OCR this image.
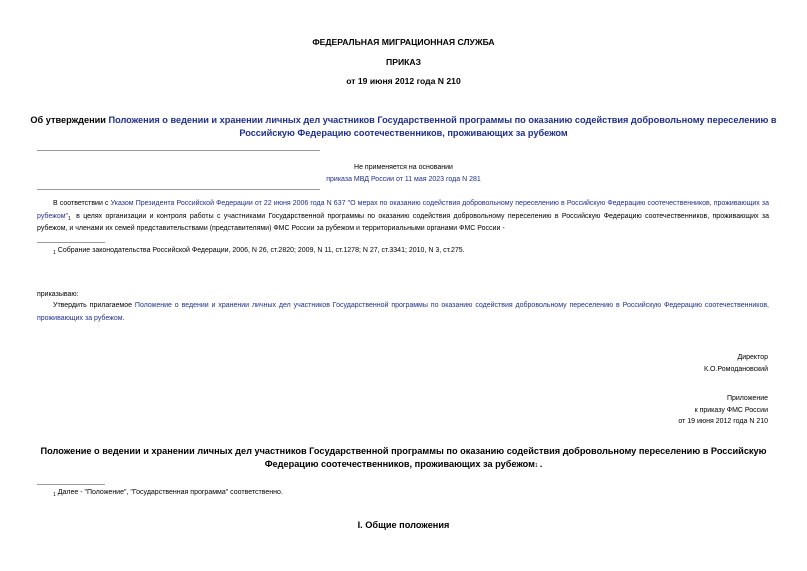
ФЕДЕРАЛЬНАЯ МИГРАЦИОННАЯ СЛУЖБА
ПРИКАЗ
от 19 июня 2012 года N 210
Об утверждении Положения о ведении и хранении личных дел участников Государственной программы по оказанию содействия добровольному переселению в Российскую Федерацию соотечественников, проживающих за рубежом
Не применяется на основании
приказа МВД России от 11 мая 2023 года N 281
В соответствии с Указом Президента Российской Федерации от 22 июня 2006 года N 637 "О мерах по оказанию содействия добровольному переселению в Российскую Федерацию соотечественников, проживающих за рубежом"$^1$ в целях организации и контроля работы с участниками Государственной программы по оказанию содействия добровольному переселению в Российскую Федерацию соотечественников, проживающих за рубежом, и членами их семей представительствами (представителями) ФМС России за рубежом и территориальными органами ФМС России -
$^1$ Собрание законодательства Российской Федерации, 2006, N 26, ст.2820; 2009, N 11, ст.1278; N 27, ст.3341; 2010, N 3, ст.275.
приказываю:
Утвердить прилагаемое Положение о ведении и хранении личных дел участников Государственной программы по оказанию содействия добровольному переселению в Российскую Федерацию соотечественников, проживающих за рубежом.
Директор
К.О.Ромодановский
Приложение
к приказу ФМС России
от 19 июня 2012 года N 210
Положение о ведении и хранении личных дел участников Государственной программы по оказанию содействия добровольному переселению в Российскую Федерацию соотечественников, проживающих за рубежом$^1$ .
$^1$ Далее - "Положение", "Государственная программа" соответственно.
I. Общие положения
